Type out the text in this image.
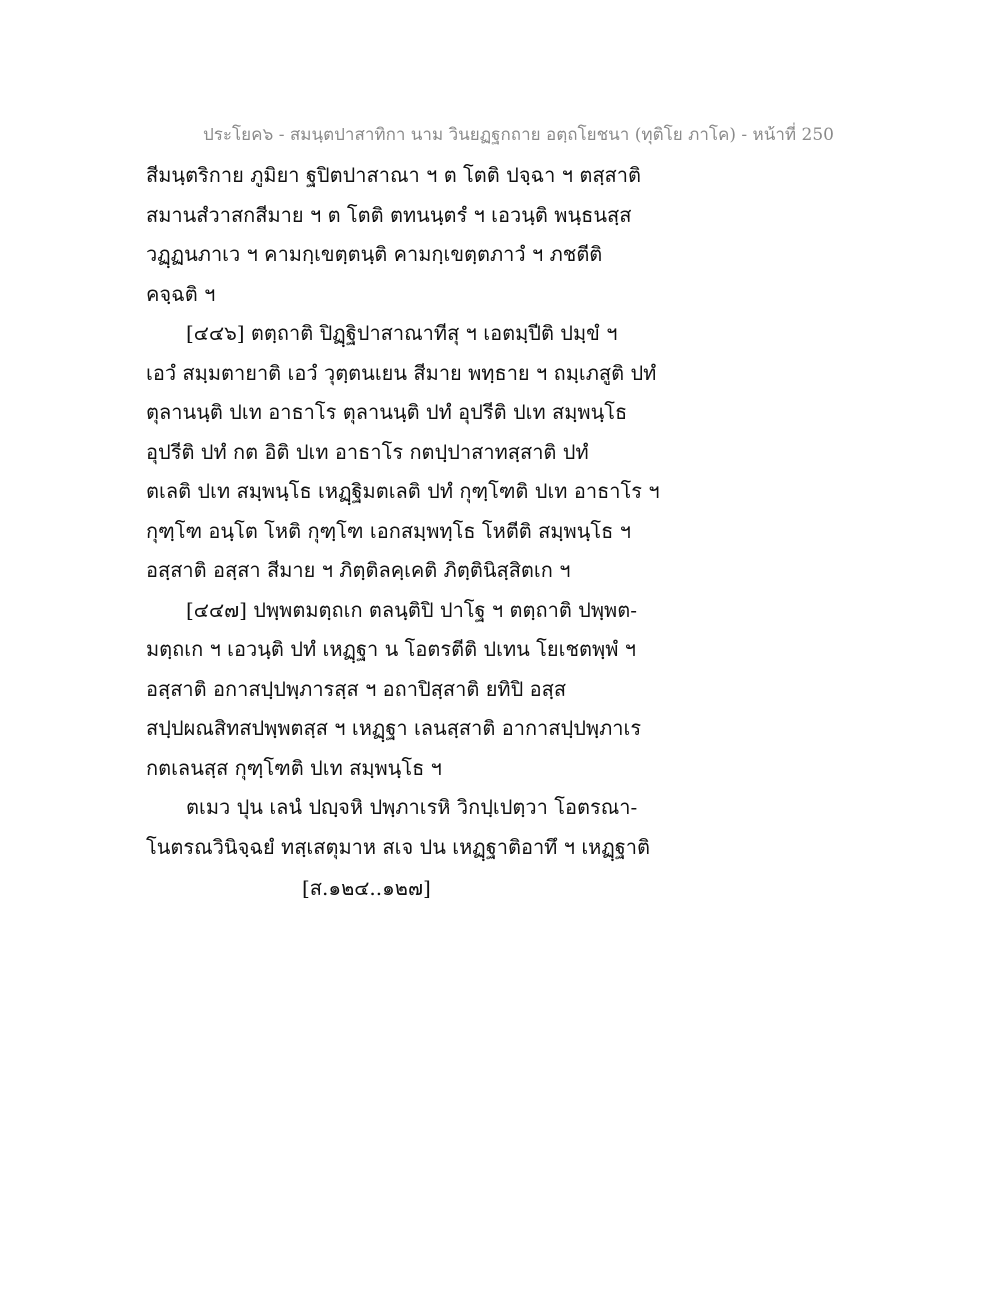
ประโยค๖ - สมนฺตปาสาทิกา นาม วินยฏฐกถาย อตฺถโยชนา (ทุติโย ภาโค) - หน้าที่ 250
สีมนฺตริกาย ภูมิยา ฐปิตปาสาณา ฯ ต โตติ ปจฺฉา ฯ ตสฺสาติ
สมานสํวาสกสีมาย ฯ ต โตติ ตทนนฺตรํ ฯ เอวนฺติ พนฺธนสฺส
วฏฺฏนภาเว ฯ คามกฺเขตฺตนฺติ คามกฺเขตฺตภาวํ ฯ ภชตีติ
คจฺฉติ ฯ
[๔๔๖] ตตฺถาติ ปิฏฺฐิปาสาณาทีสุ ฯ เอตมฺปีติ ปมฺขํ ฯ
เอวํ สมฺมตายาติ เอวํ วุตฺตนเยน สีมาย พทฺธาย ฯ ถมฺเภสูติ ปทํ
ตุลานนฺติ ปเท อาธาโร ตุลานนฺติ ปทํ อุปรีติ ปเท สมฺพนฺโธ
อุปรีติ ปทํ กต อิติ ปเท อาธาโร กตปฺปาสาทสฺสาติ ปทํ
ตเลติ ปเท สมฺพนฺโธ เหฏฺฐิมตเลติ ปทํ กุฑฺโฑติ ปเท อาธาโร ฯ
กุฑฺโฑ อนฺโต โหติ กุฑฺโฑ เอกสมฺพทฺโธ โหตีติ สมฺพนฺโธ ฯ
อสฺสาติ อสฺสา สีมาย ฯ ภิตฺติลคฺเคติ ภิตฺตินิสฺสิตเก ฯ
[๔๔๗] ปพฺพตมตฺถเก ตลนฺติปิ ปาโฐ ฯ ตตฺถาติ ปพฺพต-
มตฺถเก ฯ เอวนฺติ ปทํ เหฏฺฐา น โอตรตีติ ปเทน โยเชตพฺพํ ฯ
อสฺสาติ อกาสปฺปพฺภารสฺส ฯ อถาปิสฺสาติ ยทิปิ อสฺส
สปฺปผณสิทสปพฺพตสฺส ฯ เหฏฺฐา เลนสฺสาติ อากาสปฺปพฺภาเร
กตเลนสฺส กุฑฺโฑติ ปเท สมฺพนฺโธ ฯ
ตเมว ปุน เลนํ ปญฺจหิ ปพฺภาเรหิ วิกปฺเปตฺวา โอตรณา-
โนตรณวินิจฺฉยํ ทสฺเสตุมาห สเจ ปน เหฏฺฐาติอาทึ ฯ เหฏฺฐาติ
[ส.๑๒๔..๑๒๗]
